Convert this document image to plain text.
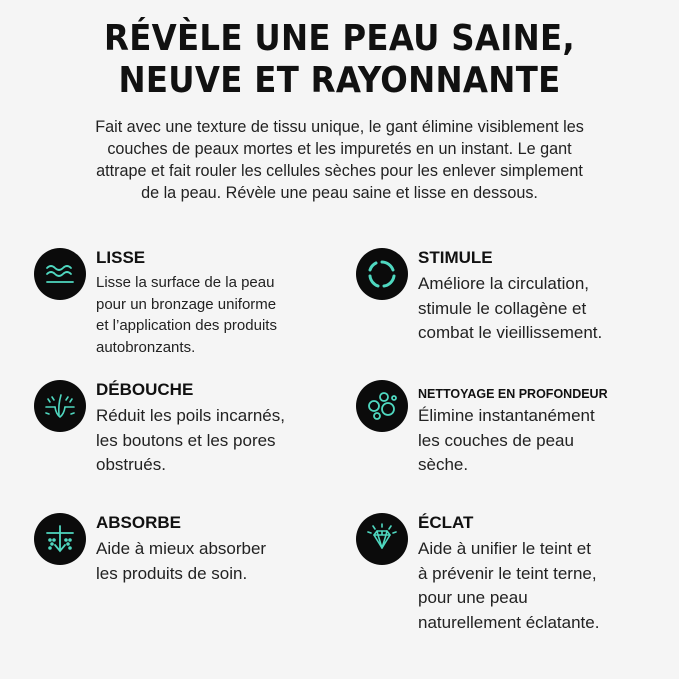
RÉVÈLE UNE PEAU SAINE,
NEUVE ET RAYONNANTE
Fait avec une texture de tissu unique, le gant élimine visiblement les
couches de peaux mortes et les impuretés en un instant. Le gant
attrape et fait rouler les cellules sèches pour les enlever simplement
de la peau. Révèle une peau saine et lisse en dessous.
LISSE
Lisse la surface de la peau
pour un bronzage uniforme
et l’application des produits
autobronzants.
STIMULE
Améliore la circulation,
stimule le collagène et
combat le vieillissement.
DÉBOUCHE
Réduit les poils incarnés,
les boutons et les pores
obstrués.
NETTOYAGE EN PROFONDEUR
Élimine instantanément
les couches de peau
sèche.
ABSORBE
Aide à mieux absorber
les produits de soin.
ÉCLAT
Aide à unifier le teint et
à prévenir le teint terne,
pour une peau
naturellement éclatante.
